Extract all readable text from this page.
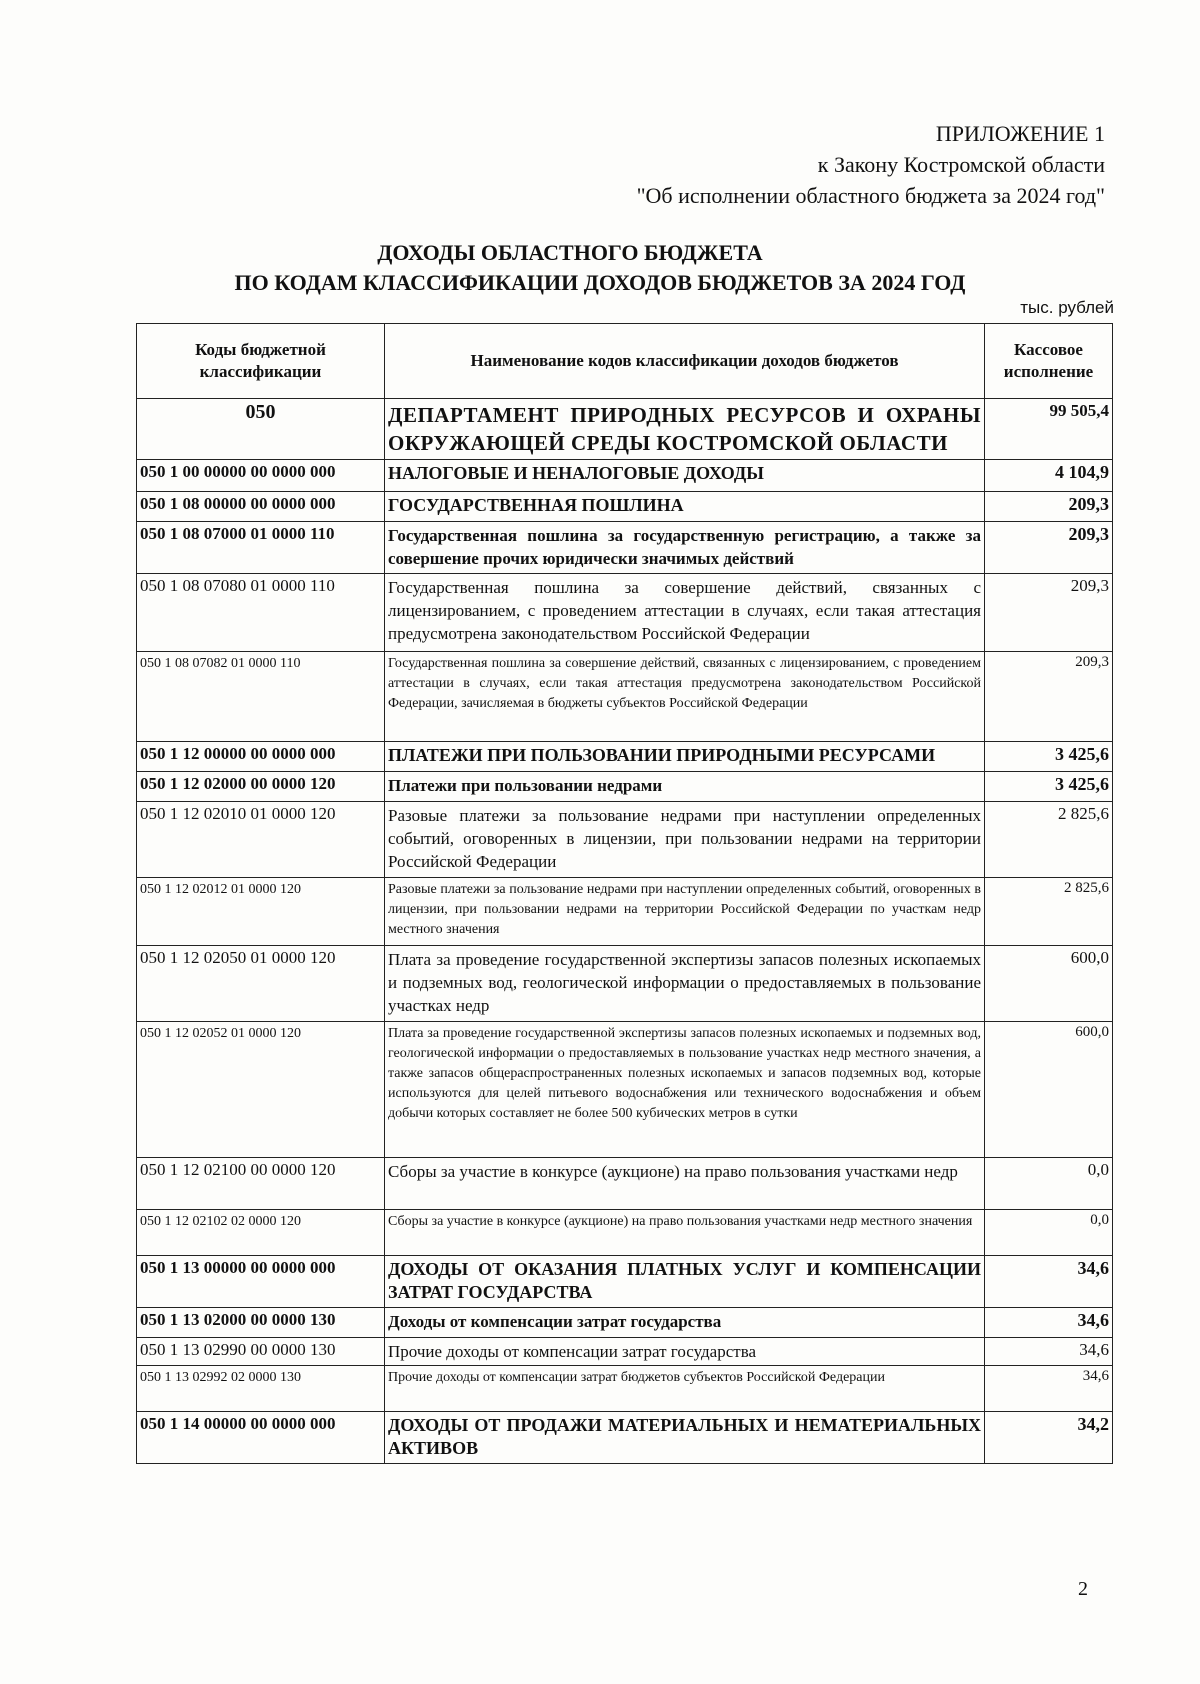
ПРИЛОЖЕНИЕ 1
к Закону Костромской области
"Об исполнении областного бюджета за 2024 год"
ДОХОДЫ ОБЛАСТНОГО БЮДЖЕТА
ПО КОДАМ КЛАССИФИКАЦИИ ДОХОДОВ БЮДЖЕТОВ ЗА 2024 ГОД
тыс. рублей
Коды бюджетной классификации	Наименование кодов классификации доходов бюджетов	Кассовое исполнение
050	ДЕПАРТАМЕНТ ПРИРОДНЫХ РЕСУРСОВ И ОХРАНЫ ОКРУЖАЮЩЕЙ СРЕДЫ КОСТРОМСКОЙ ОБЛАСТИ	99 505,4
050 1 00 00000 00 0000 000	НАЛОГОВЫЕ И НЕНАЛОГОВЫЕ ДОХОДЫ	4 104,9
050 1 08 00000 00 0000 000	ГОСУДАРСТВЕННАЯ ПОШЛИНА	209,3
050 1 08 07000 01 0000 110	Государственная пошлина за государственную регистрацию, а также за совершение прочих юридически значимых действий	209,3
050 1 08 07080 01 0000 110	Государственная пошлина за совершение действий, связанных с лицензированием, с проведением аттестации в случаях, если такая аттестация предусмотрена законодательством Российской Федерации	209,3
050 1 08 07082 01 0000 110	Государственная пошлина за совершение действий, связанных с лицензированием, с проведением аттестации в случаях, если такая аттестация предусмотрена законодательством Российской Федерации, зачисляемая в бюджеты субъектов Российской Федерации	209,3
050 1 12 00000 00 0000 000	ПЛАТЕЖИ ПРИ ПОЛЬЗОВАНИИ ПРИРОДНЫМИ РЕСУРСАМИ	3 425,6
050 1 12 02000 00 0000 120	Платежи при пользовании недрами	3 425,6
050 1 12 02010 01 0000 120	Разовые платежи за пользование недрами при наступлении определенных событий, оговоренных в лицензии, при пользовании недрами на территории Российской Федерации	2 825,6
050 1 12 02012 01 0000 120	Разовые платежи за пользование недрами при наступлении определенных событий, оговоренных в лицензии, при пользовании недрами на территории Российской Федерации по участкам недр местного значения	2 825,6
050 1 12 02050 01 0000 120	Плата за проведение государственной экспертизы запасов полезных ископаемых и подземных вод, геологической информации о предоставляемых в пользование участках недр	600,0
050 1 12 02052 01 0000 120	Плата за проведение государственной экспертизы запасов полезных ископаемых и подземных вод, геологической информации о предоставляемых в пользование участках недр местного значения, а также запасов общераспространенных полезных ископаемых и запасов подземных вод, которые используются для целей питьевого водоснабжения или технического водоснабжения и объем добычи которых составляет не более 500 кубических метров в сутки	600,0
050 1 12 02100 00 0000 120	Сборы за участие в конкурсе (аукционе) на право пользования участками недр	0,0
050 1 12 02102 02 0000 120	Сборы за участие в конкурсе (аукционе) на право пользования участками недр местного значения	0,0
050 1 13 00000 00 0000 000	ДОХОДЫ ОТ ОКАЗАНИЯ ПЛАТНЫХ УСЛУГ И КОМПЕНСАЦИИ ЗАТРАТ ГОСУДАРСТВА	34,6
050 1 13 02000 00 0000 130	Доходы от компенсации затрат государства	34,6
050 1 13 02990 00 0000 130	Прочие доходы от компенсации затрат государства	34,6
050 1 13 02992 02 0000 130	Прочие доходы от компенсации затрат бюджетов субъектов Российской Федерации	34,6
050 1 14 00000 00 0000 000	ДОХОДЫ ОТ ПРОДАЖИ МАТЕРИАЛЬНЫХ И НЕМАТЕРИАЛЬНЫХ АКТИВОВ	34,2
2
